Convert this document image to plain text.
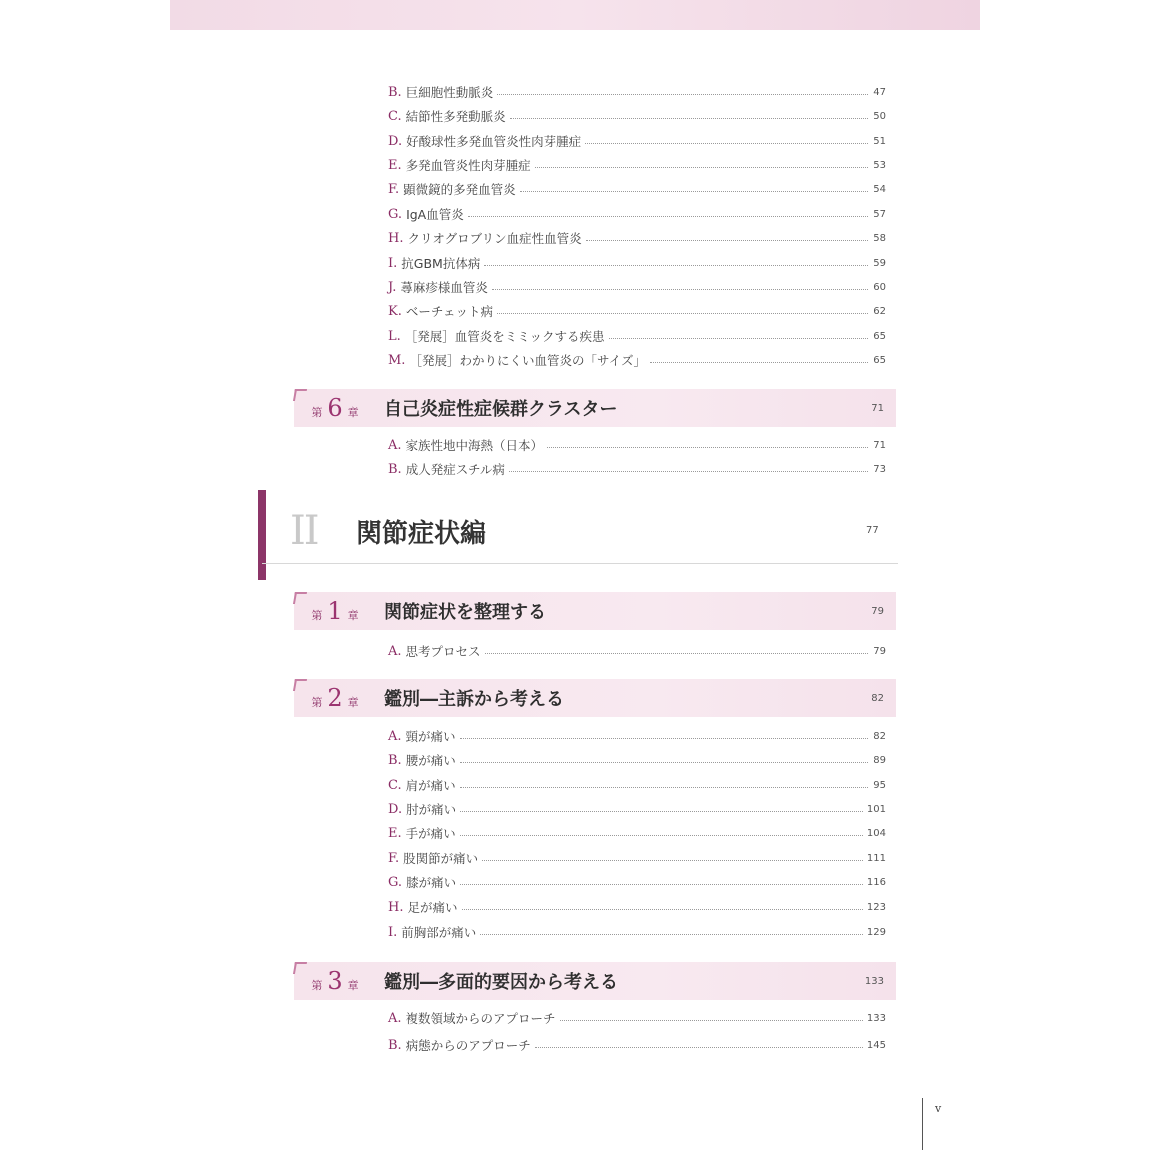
B. 巨細胞性動脈炎	47
C. 結節性多発動脈炎	50
D. 好酸球性多発血管炎性肉芽腫症	51
E. 多発血管炎性肉芽腫症	53
F. 顕微鏡的多発血管炎	54
G. IgA血管炎	57
H. クリオグロブリン血症性血管炎	58
I. 抗GBM抗体病	59
J. 蕁麻疹様血管炎	60
K. ベーチェット病	62
L. ［発展］血管炎をミミックする疾患	65
M. ［発展］わかりにくい血管炎の「サイズ」	65
第 6 章	自己炎症性症候群クラスター	71
A. 家族性地中海熱（日本）	71
B. 成人発症スチル病	73
II 関節症状編	77
第 1 章	関節症状を整理する	79
A. 思考プロセス	79
第 2 章	鑑別―主訴から考える	82
A. 頸が痛い	82
B. 腰が痛い	89
C. 肩が痛い	95
D. 肘が痛い	101
E. 手が痛い	104
F. 股関節が痛い	111
G. 膝が痛い	116
H. 足が痛い	123
I. 前胸部が痛い	129
第 3 章	鑑別―多面的要因から考える	133
A. 複数領域からのアプローチ	133
B. 病態からのアプローチ	145
v
